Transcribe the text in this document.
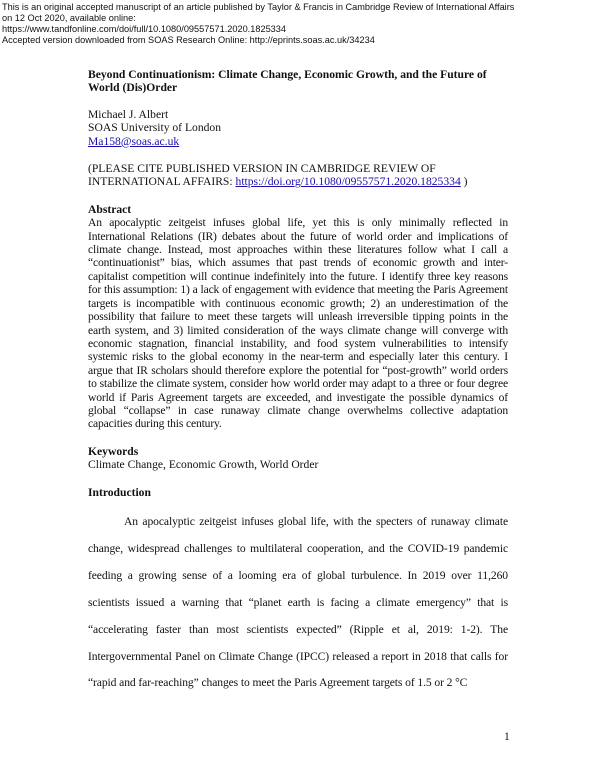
This is an original accepted manuscript of an article published by Taylor & Francis in Cambridge Review of International Affairs
on 12 Oct 2020, available online:
https://www.tandfonline.com/doi/full/10.1080/09557571.2020.1825334
Accepted version downloaded from SOAS Research Online: http://eprints.soas.ac.uk/34234
Beyond Continuationism: Climate Change, Economic Growth, and the Future of World (Dis)Order
Michael J. Albert
SOAS University of London
Ma158@soas.ac.uk
(PLEASE CITE PUBLISHED VERSION IN CAMBRIDGE REVIEW OF INTERNATIONAL AFFAIRS: https://doi.org/10.1080/09557571.2020.1825334 )
Abstract
An apocalyptic zeitgeist infuses global life, yet this is only minimally reflected in International Relations (IR) debates about the future of world order and implications of climate change. Instead, most approaches within these literatures follow what I call a “continuationist” bias, which assumes that past trends of economic growth and inter-capitalist competition will continue indefinitely into the future. I identify three key reasons for this assumption: 1) a lack of engagement with evidence that meeting the Paris Agreement targets is incompatible with continuous economic growth; 2) an underestimation of the possibility that failure to meet these targets will unleash irreversible tipping points in the earth system, and 3) limited consideration of the ways climate change will converge with economic stagnation, financial instability, and food system vulnerabilities to intensify systemic risks to the global economy in the near-term and especially later this century. I argue that IR scholars should therefore explore the potential for “post-growth” world orders to stabilize the climate system, consider how world order may adapt to a three or four degree world if Paris Agreement targets are exceeded, and investigate the possible dynamics of global “collapse” in case runaway climate change overwhelms collective adaptation capacities during this century.
Keywords
Climate Change, Economic Growth, World Order
Introduction
An apocalyptic zeitgeist infuses global life, with the specters of runaway climate change, widespread challenges to multilateral cooperation, and the COVID-19 pandemic feeding a growing sense of a looming era of global turbulence. In 2019 over 11,260 scientists issued a warning that “planet earth is facing a climate emergency” that is “accelerating faster than most scientists expected” (Ripple et al, 2019: 1-2). The Intergovernmental Panel on Climate Change (IPCC) released a report in 2018 that calls for “rapid and far-reaching” changes to meet the Paris Agreement targets of 1.5 or 2 °C
1
